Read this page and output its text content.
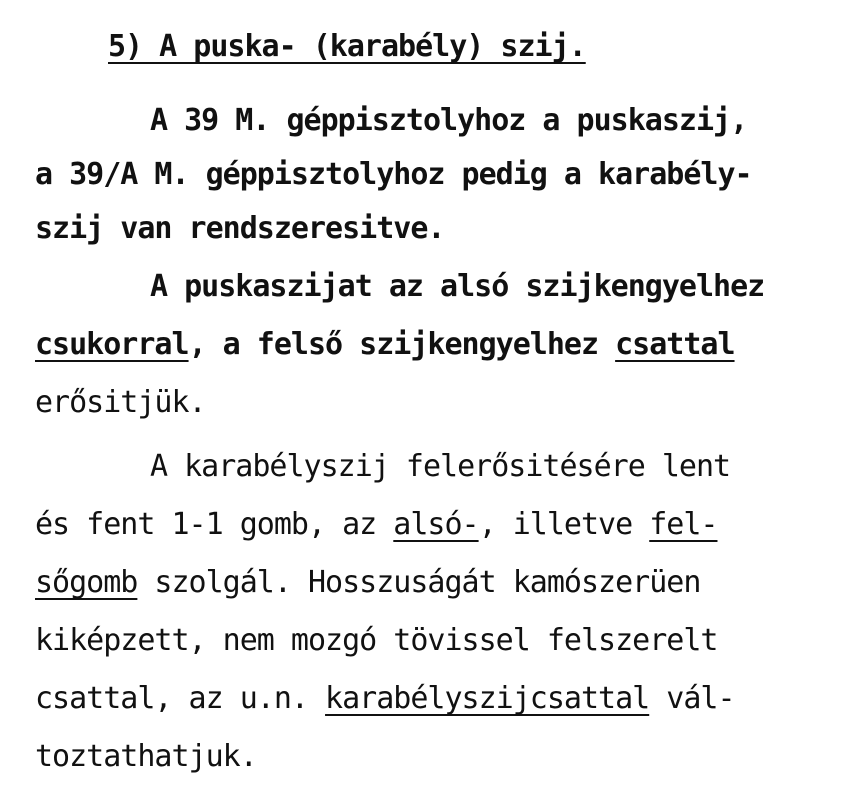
5) A puska- (karabély) szij.
A 39 M. géppisztolyhoz a puskaszij,
a 39/A M. géppisztolyhoz pedig a karabély-
szij van rendszeresitve.
A puskaszijat az alsó szijkengyelhez
csukorral, a felső szijkengyelhez csattal
erősitjük.
A karabélyszij felerősitésére lent
és fent 1-1 gomb, az alsó-, illetve fel-
sőgomb szolgál. Hosszuságát kamószerüen
kiképzett, nem mozgó tövissel felszerelt
csattal, az u.n. karabélyszijcsattal vál-
toztathatjuk.
